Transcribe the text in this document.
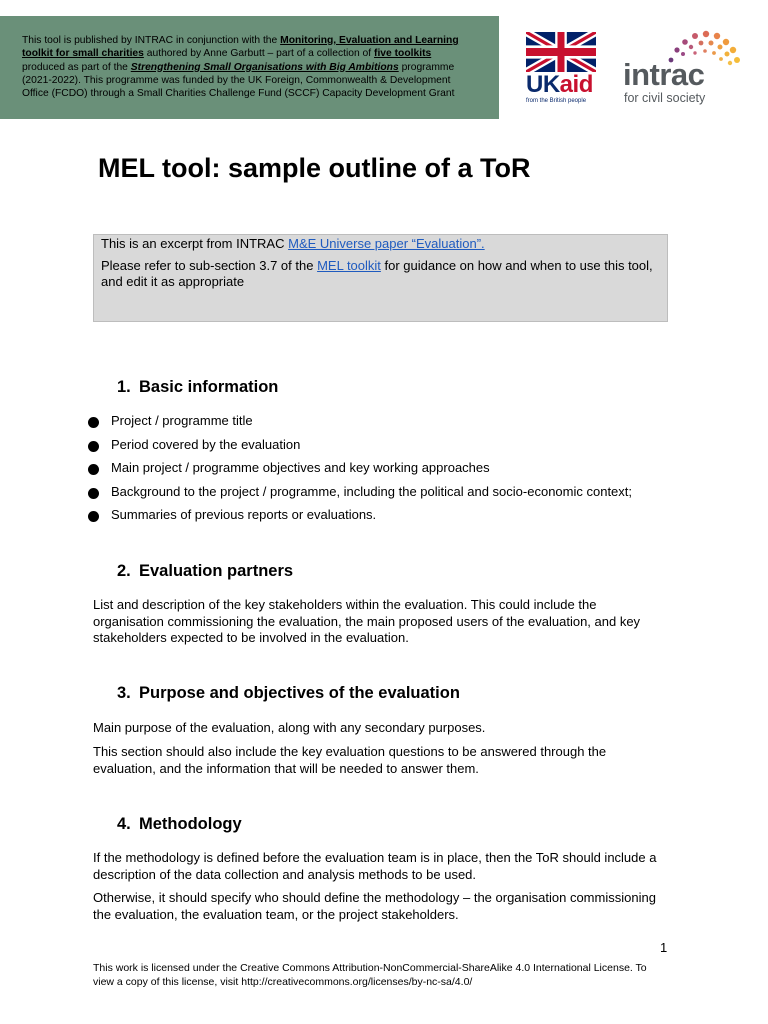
This tool is published by INTRAC in conjunction with the Monitoring, Evaluation and Learning toolkit for small charities authored by Anne Garbutt – part of a collection of five toolkits produced as part of the Strengthening Small Organisations with Big Ambitions programme (2021-2022). This programme was funded by the UK Foreign, Commonwealth & Development Office (FCDO) through a Small Charities Challenge Fund (SCCF) Capacity Development Grant	UKaid
from the British people
intrac
for civil society
MEL tool: sample outline of a ToR

This is an excerpt from INTRAC M&E Universe paper “Evaluation”.

Please refer to sub-section 3.7 of the MEL toolkit for guidance on how and when to use this tool, and edit it as appropriate

1. Basic information
Project / programme title
Period covered by the evaluation
Main project / programme objectives and key working approaches
Background to the project / programme, including the political and socio-economic context;
Summaries of previous reports or evaluations.
2. Evaluation partners

List and description of the key stakeholders within the evaluation. This could include the organisation commissioning the evaluation, the main proposed users of the evaluation, and key stakeholders expected to be involved in the evaluation.

3. Purpose and objectives of the evaluation

Main purpose of the evaluation, along with any secondary purposes.

This section should also include the key evaluation questions to be answered through the evaluation, and the information that will be needed to answer them.

4. Methodology

If the methodology is defined before the evaluation team is in place, then the ToR should include a description of the data collection and analysis methods to be used.

Otherwise, it should specify who should define the methodology – the organisation commissioning the evaluation, the evaluation team, or the project stakeholders.

1
This work is licensed under the Creative Commons Attribution-NonCommercial-ShareAlike 4.0 International License. To view a copy of this license, visit http://creativecommons.org/licenses/by-nc-sa/4.0/
